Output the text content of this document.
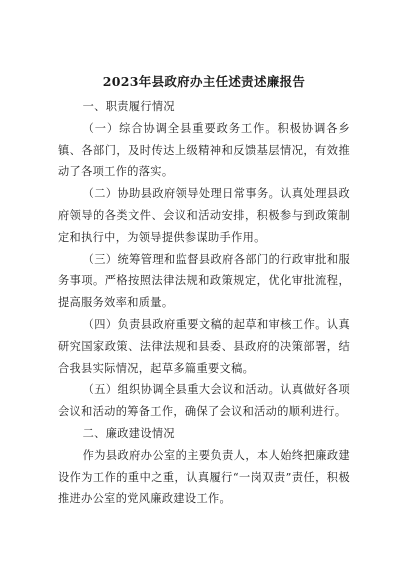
2023年县政府办主任述责述廉报告

一、职责履行情况

（一）综合协调全县重要政务工作。积极协调各乡镇、各部门，及时传达上级精神和反馈基层情况，有效推动了各项工作的落实。

（二）协助县政府领导处理日常事务。认真处理县政府领导的各类文件、会议和活动安排，积极参与到政策制定和执行中，为领导提供参谋助手作用。

（三）统筹管理和监督县政府各部门的行政审批和服务事项。严格按照法律法规和政策规定，优化审批流程，提高服务效率和质量。

（四）负责县政府重要文稿的起草和审核工作。认真研究国家政策、法律法规和县委、县政府的决策部署，结合我县实际情况，起草多篇重要文稿。

（五）组织协调全县重大会议和活动。认真做好各项会议和活动的筹备工作，确保了会议和活动的顺利进行。

二、廉政建设情况

作为县政府办公室的主要负责人，本人始终把廉政建设作为工作的重中之重，认真履行“一岗双责”责任，积极推进办公室的党风廉政建设工作。
